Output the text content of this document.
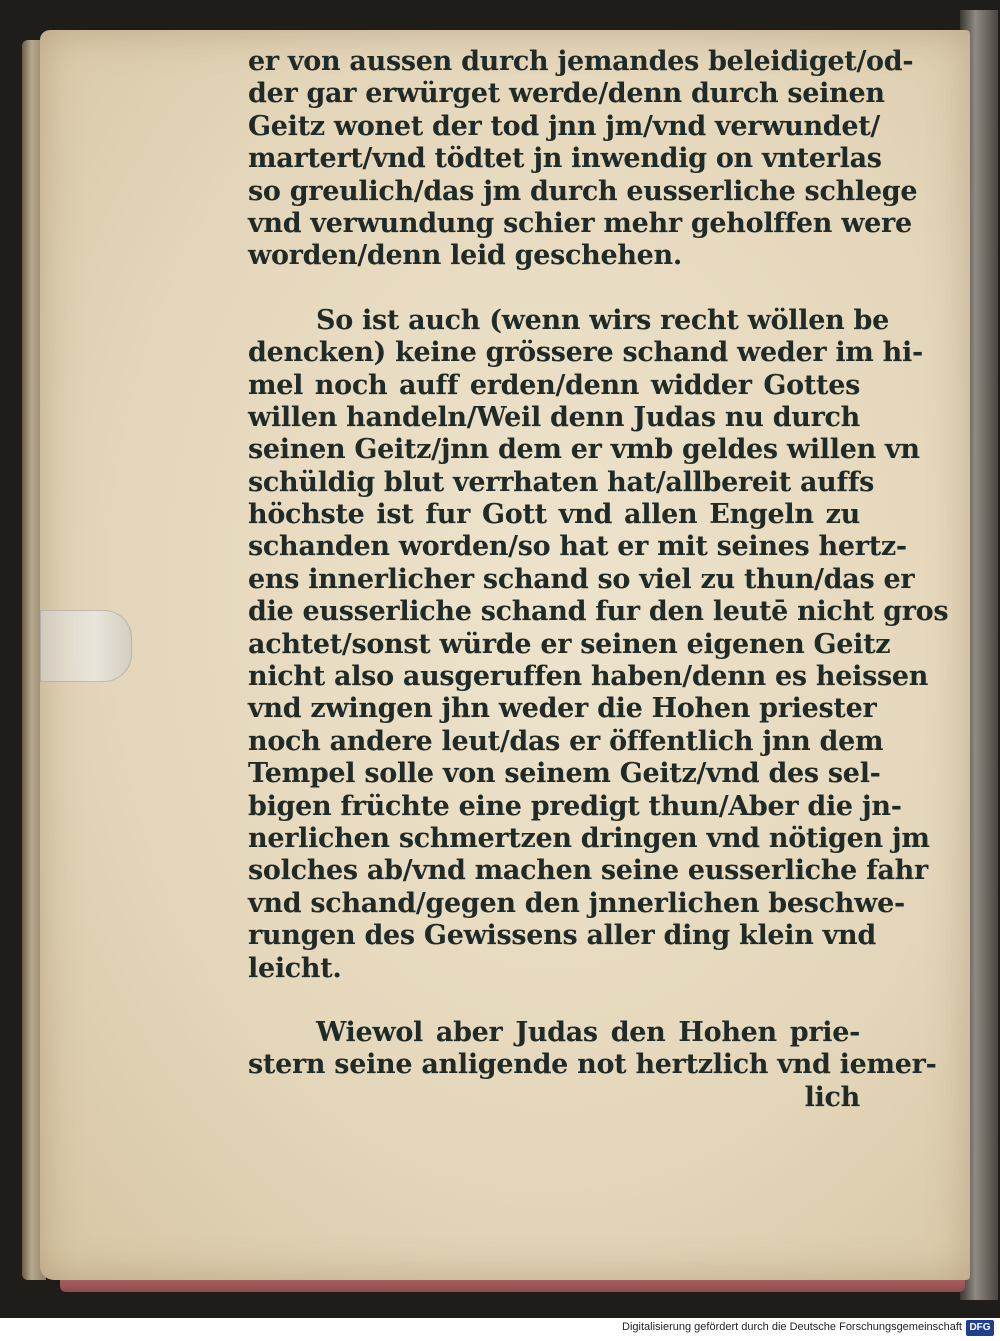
er von aussen durch jemandes beleidiget/od-
der gar erwürget werde/denn durch seinen
Geitz wonet der tod jnn jm/vnd verwundet/
martert/vnd tödtet jn inwendig on vnterlas
so greulich/das jm durch eusserliche schlege
vnd verwundung schier mehr geholffen were
worden/denn leid geschehen.
So ist auch (wenn wirs recht wöllen be
dencken) keine grössere schand weder im hi-
mel noch auff erden/denn widder Gottes
willen handeln/Weil denn Judas nu durch
seinen Geitz/jnn dem er vmb geldes willen vn
schüldig blut verrhaten hat/allbereit auffs
höchste ist fur Gott vnd allen Engeln zu
schanden worden/so hat er mit seines hertz-
ens innerlicher schand so viel zu thun/das er
die eusserliche schand fur den leutē nicht gros
achtet/sonst würde er seinen eigenen Geitz
nicht also ausgeruffen haben/denn es heissen
vnd zwingen jhn weder die Hohen priester
noch andere leut/das er öffentlich jnn dem
Tempel solle von seinem Geitz/vnd des sel-
bigen früchte eine predigt thun/Aber die jn-
nerlichen schmertzen dringen vnd nötigen jm
solches ab/vnd machen seine eusserliche fahr
vnd schand/gegen den jnnerlichen beschwe-
rungen des Gewissens aller ding klein vnd
leicht.
Wiewol aber Judas den Hohen prie-
stern seine anligende not hertzlich vnd iemer-
lich
Digitalisierung gefördert durch die Deutsche Forschungsgemeinschaft DFG
